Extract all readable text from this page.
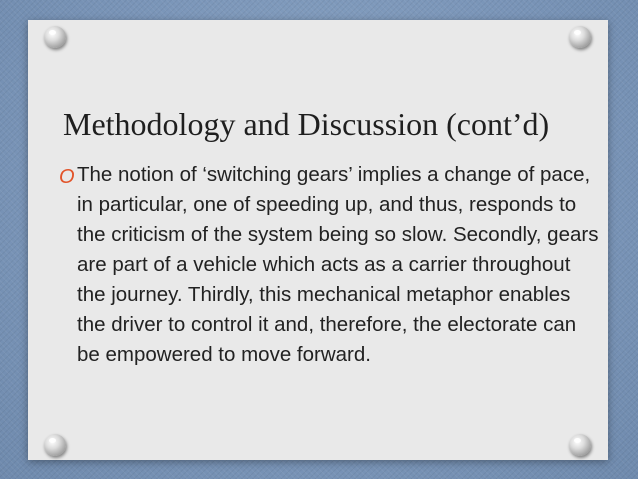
Methodology and Discussion (cont’d)
O The notion of ‘switching gears’ implies a change of pace, in particular, one of speeding up, and thus, responds to the criticism of the system being so slow. Secondly, gears are part of a vehicle which acts as a carrier throughout the journey. Thirdly, this mechanical metaphor enables the driver to control it and, therefore, the electorate can be empowered to move forward.
